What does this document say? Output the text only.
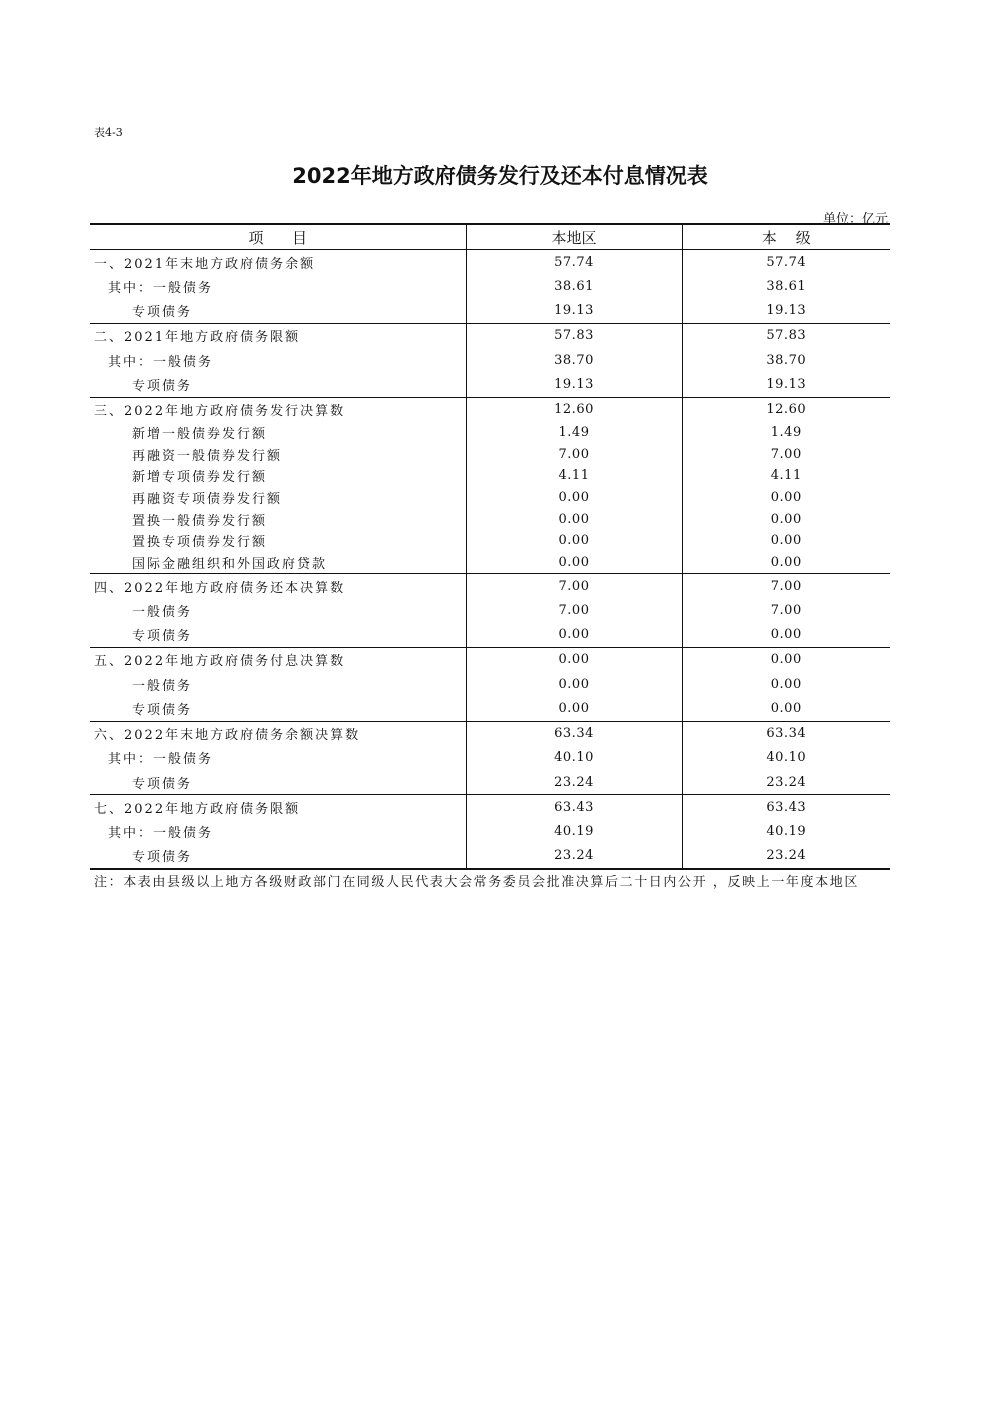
表4-3
2022年地方政府债务发行及还本付息情况表
单位：亿元
项      目	本地区	本    级
一、2021年末地方政府债务余额	57.74	57.74
其中：一般债务	38.61	38.61
专项债务	19.13	19.13
二、2021年地方政府债务限额	57.83	57.83
其中：一般债务	38.70	38.70
专项债务	19.13	19.13
三、2022年地方政府债务发行决算数	12.60	12.60
新增一般债券发行额	1.49	1.49
再融资一般债券发行额	7.00	7.00
新增专项债券发行额	4.11	4.11
再融资专项债券发行额	0.00	0.00
置换一般债券发行额	0.00	0.00
置换专项债券发行额	0.00	0.00
国际金融组织和外国政府贷款	0.00	0.00
四、2022年地方政府债务还本决算数	7.00	7.00
一般债务	7.00	7.00
专项债务	0.00	0.00
五、2022年地方政府债务付息决算数	0.00	0.00
一般债务	0.00	0.00
专项债务	0.00	0.00
六、2022年末地方政府债务余额决算数	63.34	63.34
其中：一般债务	40.10	40.10
专项债务	23.24	23.24
七、2022年地方政府债务限额	63.43	63.43
其中：一般债务	40.19	40.19
专项债务	23.24	23.24
注：本表由县级以上地方各级财政部门在同级人民代表大会常务委员会批准决算后二十日内公开 ，反映上一年度本地区
